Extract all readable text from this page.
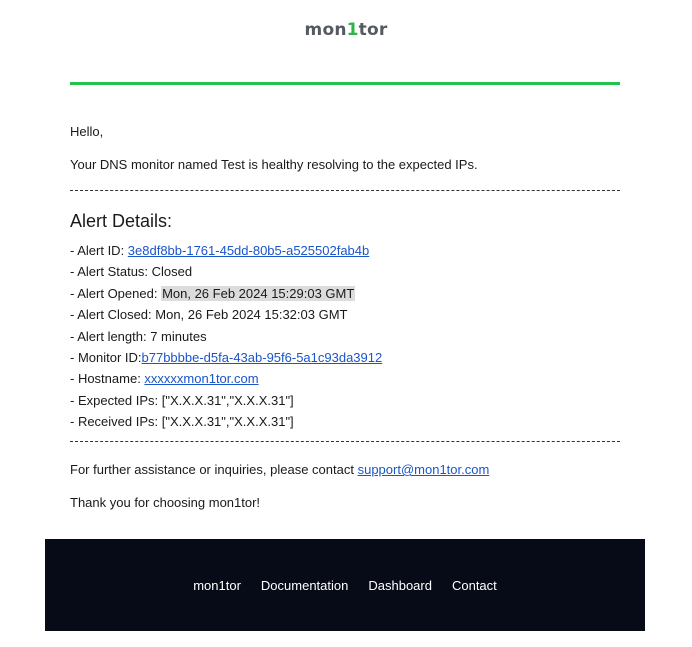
mon1tor
Hello,
Your DNS monitor named Test is healthy resolving to the expected IPs.
Alert Details:
- Alert ID: 3e8df8bb-1761-45dd-80b5-a525502fab4b
- Alert Status: Closed
- Alert Opened: Mon, 26 Feb 2024 15:29:03 GMT
- Alert Closed: Mon, 26 Feb 2024 15:32:03 GMT
- Alert length: 7 minutes
- Monitor ID:b77bbbbe-d5fa-43ab-95f6-5a1c93da3912
- Hostname: xxxxxxmon1tor.com
- Expected IPs: ["X.X.X.31","X.X.X.31"]
- Received IPs: ["X.X.X.31","X.X.X.31"]
For further assistance or inquiries, please contact support@mon1tor.com
Thank you for choosing mon1tor!
mon1tor Documentation Dashboard Contact
